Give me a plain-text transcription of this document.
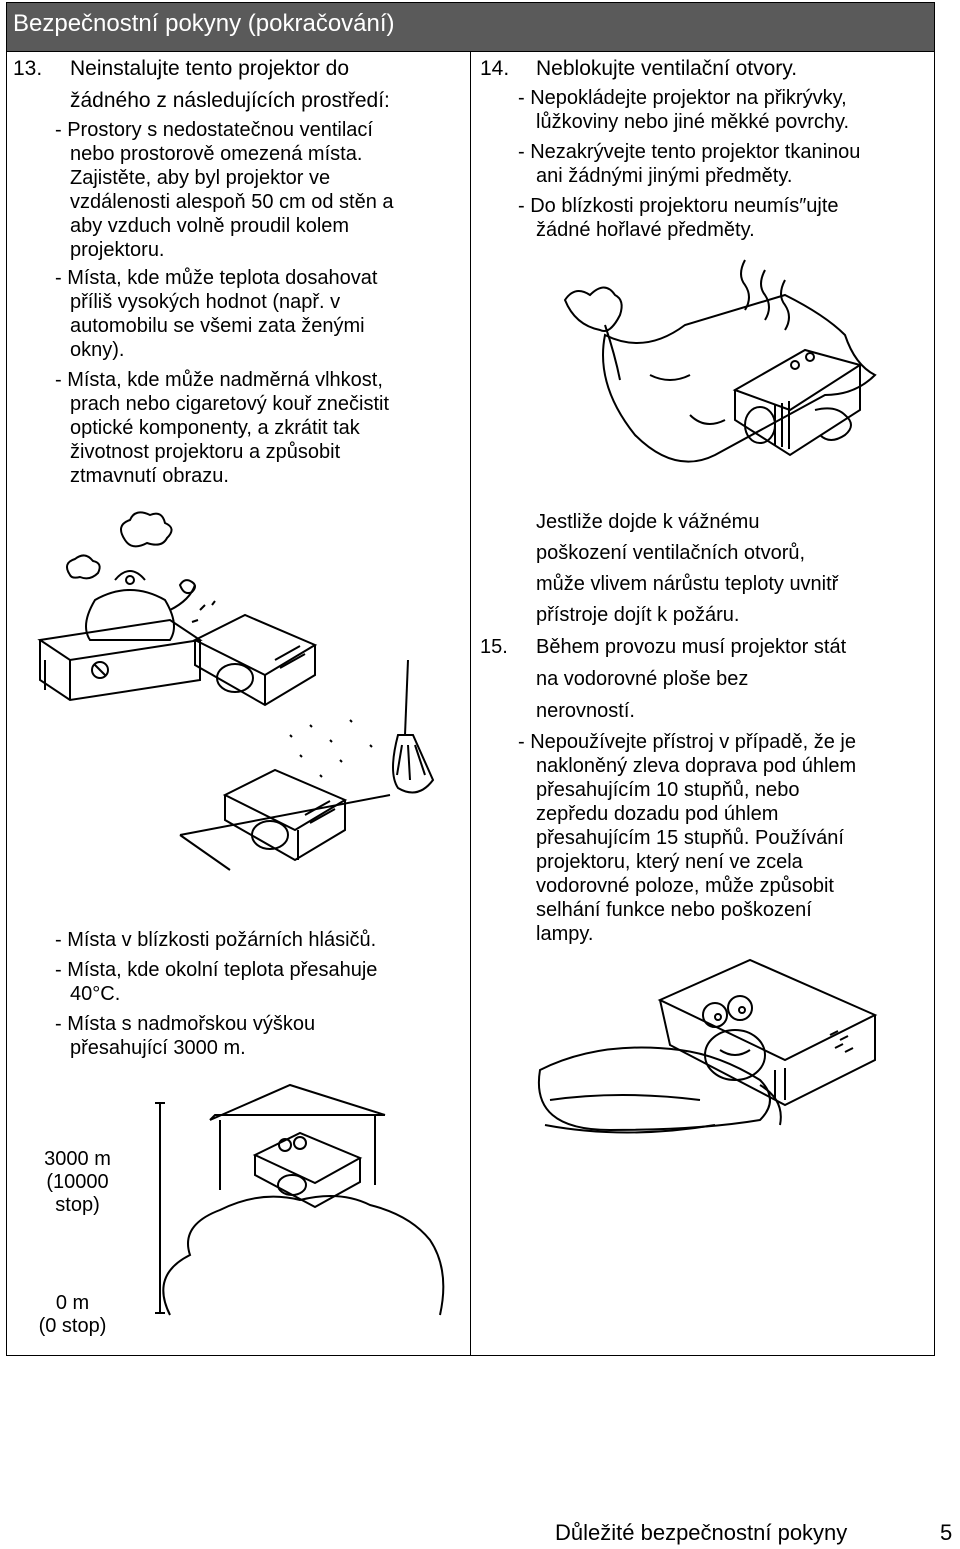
Bezpečnostní pokyny (pokračování)
13. Neinstalujte tento projektor do
žádného z následujících prostředí:
- Prostory s nedostatečnou ventilací
nebo prostorově omezená místa.
Zajistěte, aby byl projektor ve
vzdálenosti alespoň 50 cm od stěn a
aby vzduch volně proudil kolem
projektoru.
- Místa, kde může teplota dosahovat
příliš vysokých hodnot (např. v
automobilu se všemi zata ženými
okny).
- Místa, kde může nadměrná vlhkost,
prach nebo cigaretový kouř znečistit
optické komponenty, a zkrátit tak
životnost projektoru a způsobit
ztmavnutí obrazu.
- Místa v blízkosti požárních hlásičů.
- Místa, kde okolní teplota přesahuje
40°C.
- Místa s nadmořskou výškou
přesahující 3000 m.
3000 m
(10000
stop)
0 m
(0 stop)
14. Neblokujte ventilační otvory.
- Nepokládejte projektor na přikrývky,
lůžkoviny nebo jiné měkké povrchy.
- Nezakrývejte tento projektor tkaninou
ani žádnými jinými předměty.
- Do blízkosti projektoru neumís″ujte
žádné hořlavé předměty.
Jestliže dojde k vážnému
poškození ventilačních otvorů,
může vlivem nárůstu teploty uvnitř
přístroje dojít k požáru.
15. Během provozu musí projektor stát
na vodorovné ploše bez
nerovností.
- Nepoužívejte přístroj v případě, že je
nakloněný zleva doprava pod úhlem
přesahujícím 10 stupňů, nebo
zepředu dozadu pod úhlem
přesahujícím 15 stupňů. Používání
projektoru, který není ve zcela
vodorovné poloze, může způsobit
selhání funkce nebo poškození
lampy.
Důležité bezpečnostní pokyny	5
